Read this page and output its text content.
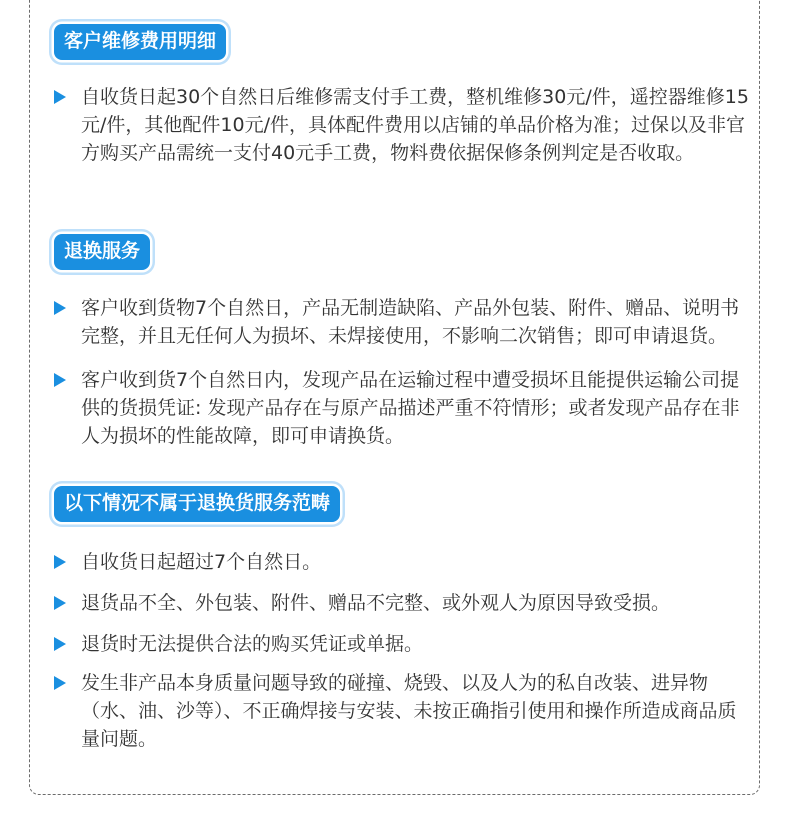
客户维修费用明细
自收货日起30个自然日后维修需支付手工费，整机维修30元/件，遥控器维修15元/件，其他配件10元/件，具体配件费用以店铺的单品价格为准；过保以及非官方购买产品需统一支付40元手工费，物料费依据保修条例判定是否收取。
退换服务
客户收到货物7个自然日，产品无制造缺陷、产品外包装、附件、赠品、说明书完整，并且无任何人为损坏、未焊接使用，不影响二次销售；即可申请退货。
客户收到货7个自然日内，发现产品在运输过程中遭受损坏且能提供运输公司提供的货损凭证: 发现产品存在与原产品描述严重不符情形；或者发现产品存在非人为损坏的性能故障，即可申请换货。
以下情况不属于退换货服务范畴
自收货日起超过7个自然日。
退货品不全、外包装、附件、赠品不完整、或外观人为原因导致受损。
退货时无法提供合法的购买凭证或单据。
发生非产品本身质量问题导致的碰撞、烧毁、以及人为的私自改装、进异物（水、油、沙等）、不正确焊接与安装、未按正确指引使用和操作所造成商品质量问题。
